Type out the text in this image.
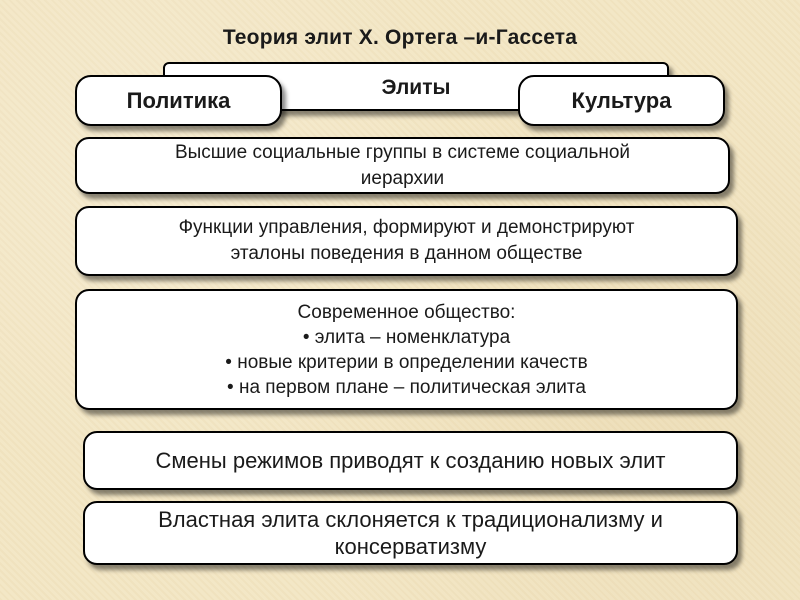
Теория элит Х. Ортега –и-Гассета
Элиты
Политика	Культура
Высшие социальные группы в системе социальной
иерархии
Функции управления, формируют и демонстрируют
эталоны поведения в данном обществе
Современное общество:
• элита – номенклатура
• новые критерии в определении качеств
• на первом плане – политическая элита
Смены режимов приводят к созданию новых элит
Властная элита склоняется к традиционализму и
консерватизму
